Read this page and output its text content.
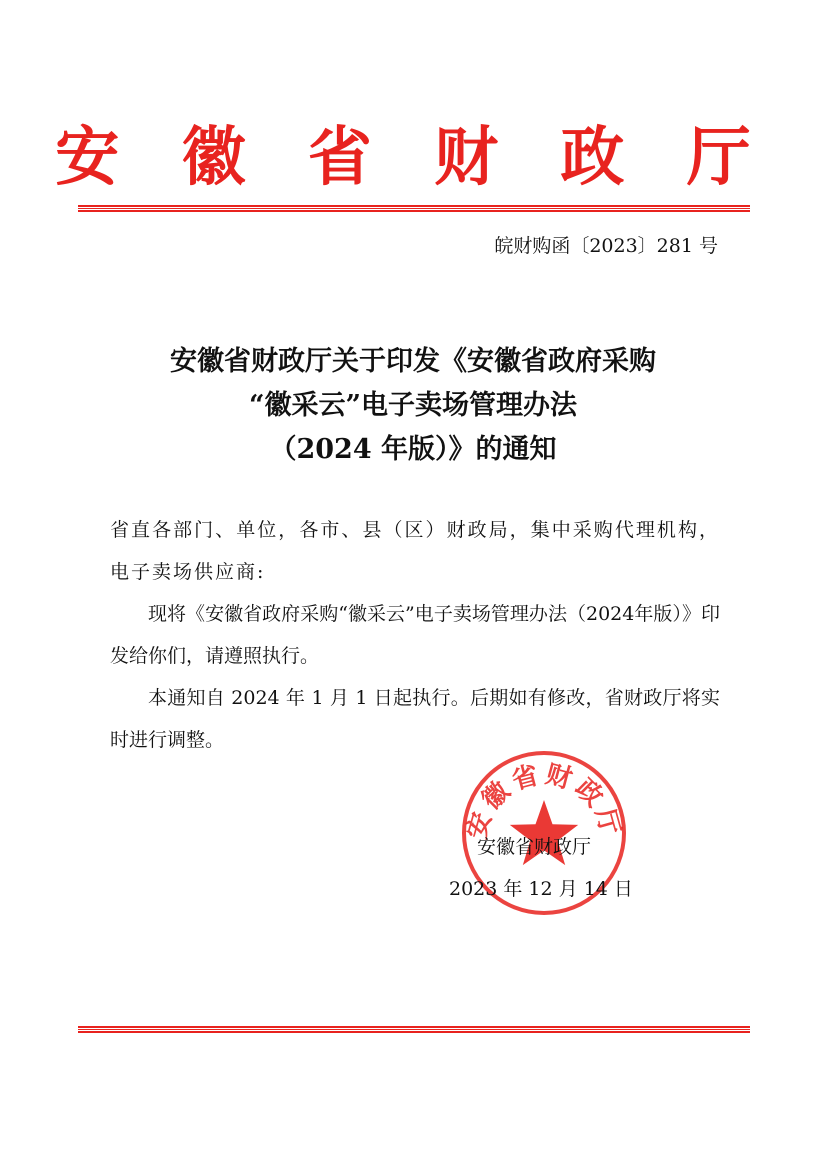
安 徽 省 财 政 厅
皖财购函〔2023〕281 号
安徽省财政厅关于印发《安徽省政府采购
“徽采云”电子卖场管理办法
（2024 年版）》的通知

省直各部门、单位，各市、县（区）财政局，集中采购代理机构，电子卖场供应商:

现将《安徽省政府采购“徽采云”电子卖场管理办法（2024年版）》印发给你们，请遵照执行。

本通知自 2024 年 1 月 1 日起执行。后期如有修改，省财政厅将实时进行调整。

安徽省财政厅
安徽省财政厅
2023 年 12 月 14 日
